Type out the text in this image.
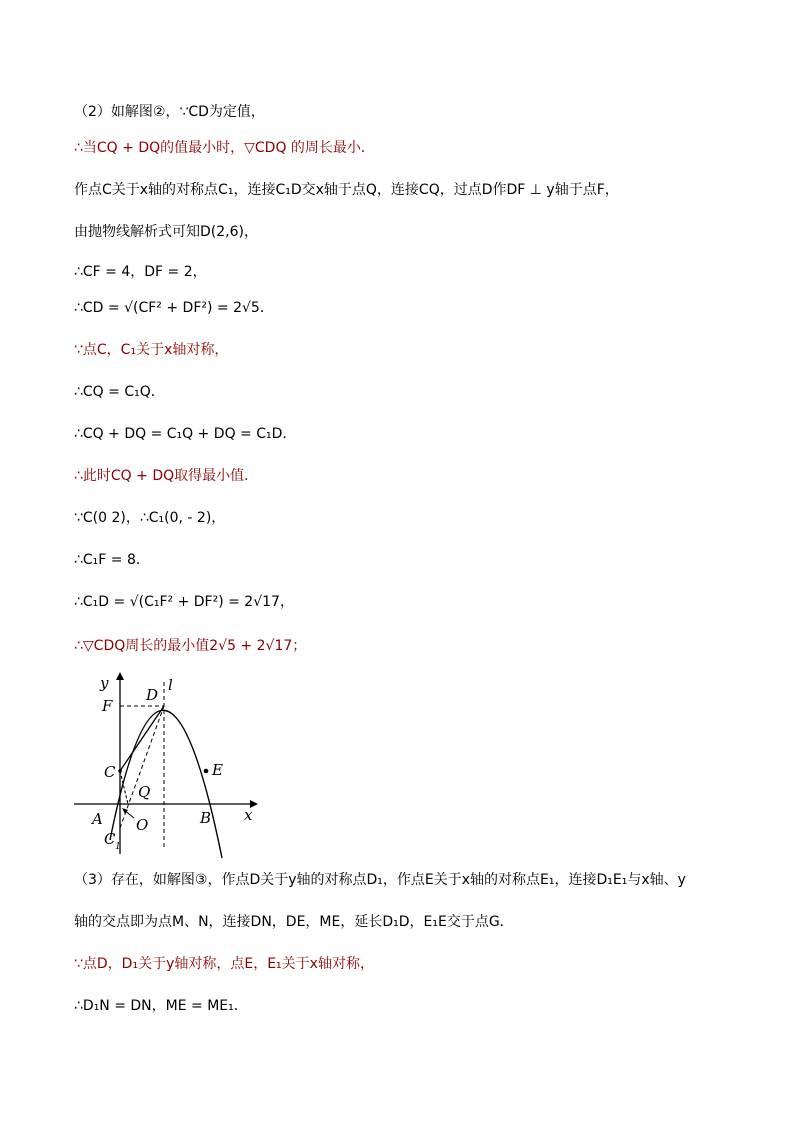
（2）如解图②，∵CD为定值，
∴当CQ + DQ的值最小时，▽CDQ 的周长最小．
作点C关于x轴的对称点C₁，连接C₁D交x轴于点Q，连接CQ，过点D作DF ⊥ y轴于点F，
由抛物线解析式可知D(2,6)，
∴CF = 4，DF = 2，
∴CD = √(CF² + DF²) = 2√5．
∵点C，C₁关于x轴对称，
∴CQ = C₁Q．
∴CQ + DQ = C₁Q + DQ = C₁D．
∴此时CQ + DQ取得最小值．
∵C(0 2)，∴C₁(0, - 2)，
∴C₁F = 8．
∴C₁D = √(C₁F² + DF²) = 2√17，
∴▽CDQ周长的最小值2√5 + 2√17；
y
D
l
F
C	E
Q
A O	B x
C 1
（3）存在，如解图③，作点D关于y轴的对称点D₁，作点E关于x轴的对称点E₁，连接D₁E₁与x轴、y
轴的交点即为点M、N，连接DN，DE，ME，延长D₁D，E₁E交于点G．
∵点D，D₁关于y轴对称，点E，E₁关于x轴对称，
∴D₁N = DN，ME = ME₁．
